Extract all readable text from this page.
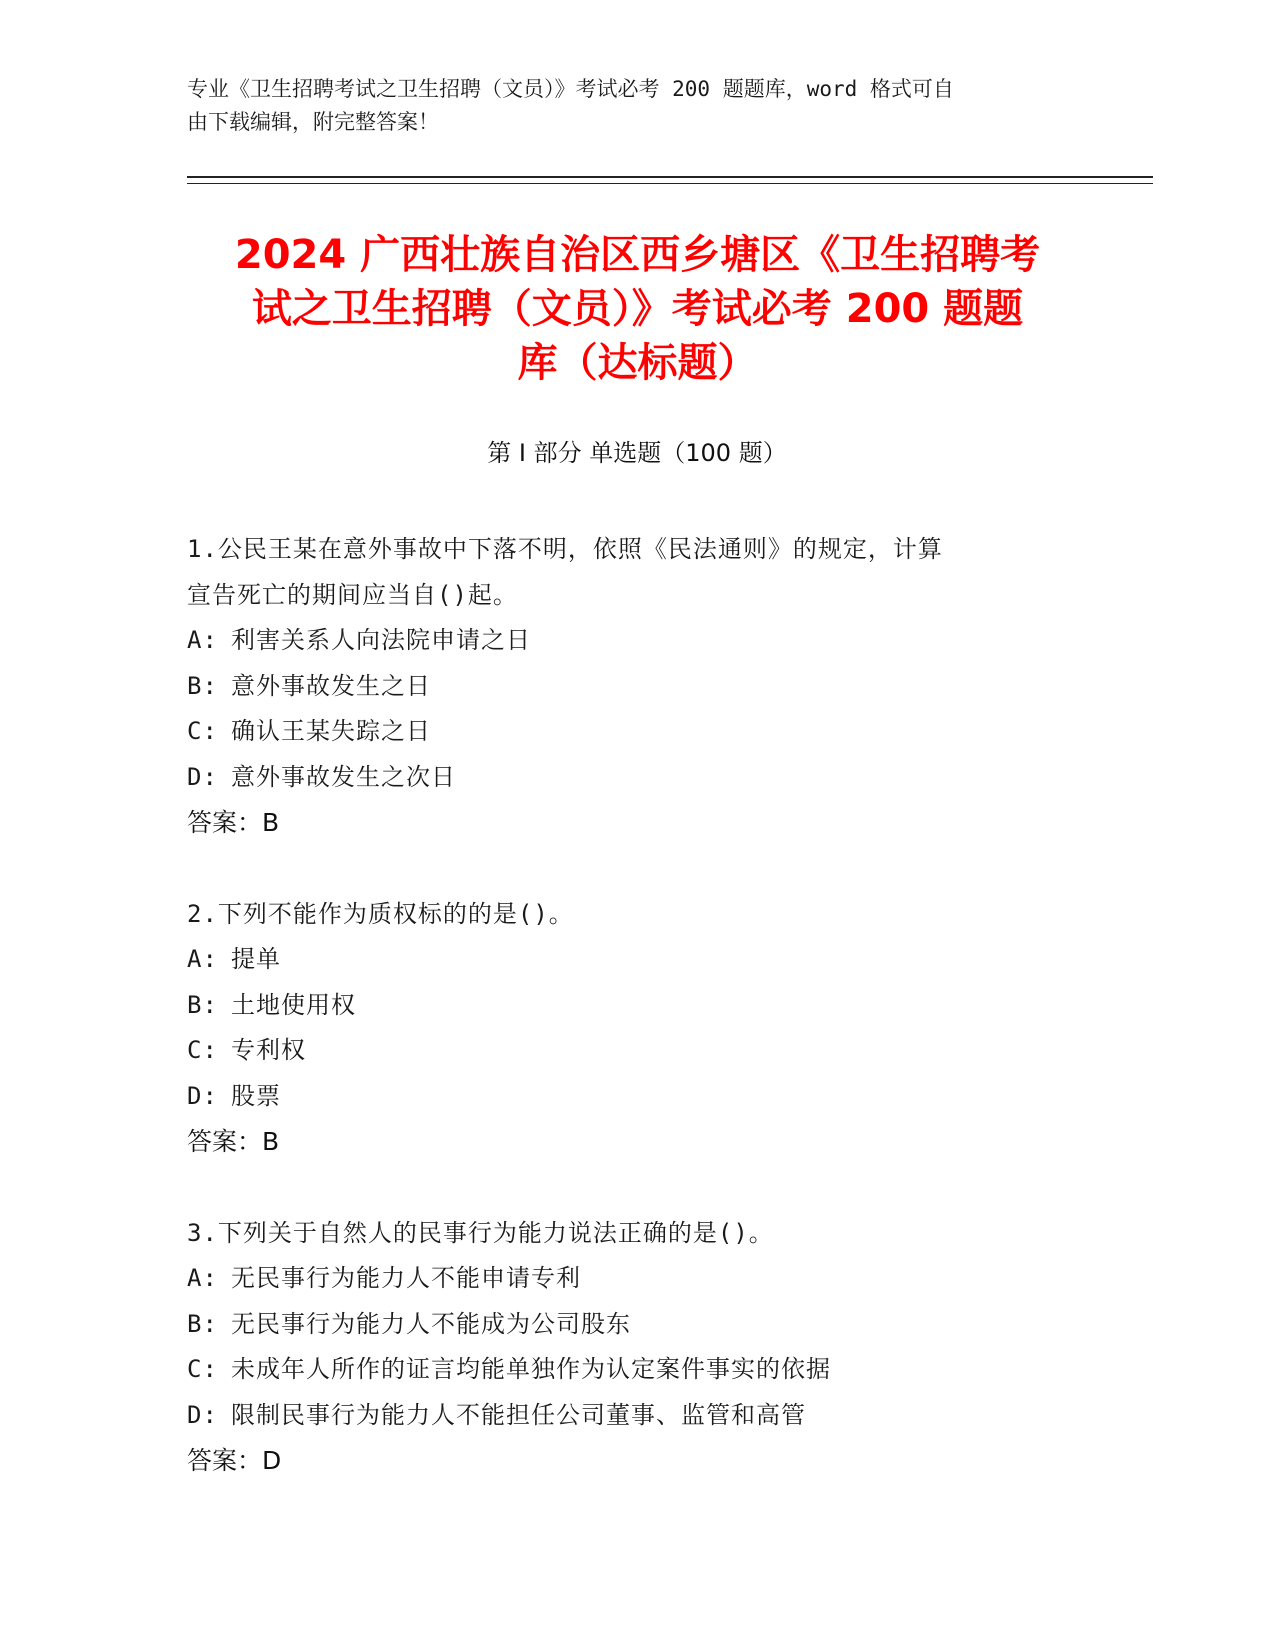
专业《卫生招聘考试之卫生招聘（文员）》考试必考 200 题题库，word 格式可自
由下载编辑，附完整答案！
2024 广西壮族自治区西乡塘区《卫生招聘考
试之卫生招聘（文员）》考试必考 200 题题
库（达标题）
第 I 部分 单选题（100 题）
1.公民王某在意外事故中下落不明，依照《民法通则》的规定，计算
宣告死亡的期间应当自()起。
A: 利害关系人向法院申请之日
B: 意外事故发生之日
C: 确认王某失踪之日
D: 意外事故发生之次日
答案：B
2.下列不能作为质权标的的是()。
A: 提单
B: 土地使用权
C: 专利权
D: 股票
答案：B
3.下列关于自然人的民事行为能力说法正确的是()。
A: 无民事行为能力人不能申请专利
B: 无民事行为能力人不能成为公司股东
C: 未成年人所作的证言均能单独作为认定案件事实的依据
D: 限制民事行为能力人不能担任公司董事、监管和高管
答案：D
